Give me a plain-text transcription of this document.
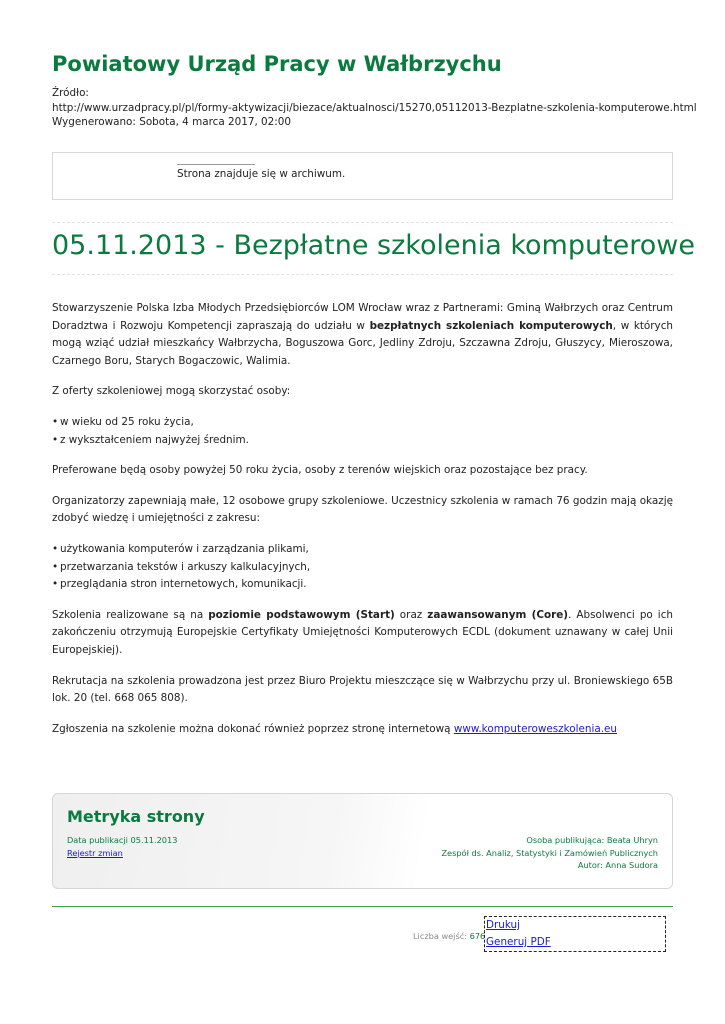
Powiatowy Urząd Pracy w Wałbrzychu
Źródło:
http://www.urzadpracy.pl/pl/formy-aktywizacji/biezace/aktualnosci/15270,05112013-Bezplatne-szkolenia-komputerowe.html
Wygenerowano: Sobota, 4 marca 2017, 02:00
Strona znajduje się w archiwum.
05.11.2013 - Bezpłatne szkolenia komputerowe

Stowarzyszenie Polska Izba Młodych Przedsiębiorców LOM Wrocław wraz z Partnerami: Gminą Wałbrzych oraz Centrum Doradztwa i Rozwoju Kompetencji zapraszają do udziału w bezpłatnych szkoleniach komputerowych, w których mogą wziąć udział mieszkańcy Wałbrzycha, Boguszowa Gorc, Jedliny Zdroju, Szczawna Zdroju, Głuszycy, Mieroszowa, Czarnego Boru, Starych Bogaczowic, Walimia.

Z oferty szkoleniowej mogą skorzystać osoby:

• w wieku od 25 roku życia,
• z wykształceniem najwyżej średnim.

Preferowane będą osoby powyżej 50 roku życia, osoby z terenów wiejskich oraz pozostające bez pracy.

Organizatorzy zapewniają małe, 12 osobowe grupy szkoleniowe. Uczestnicy szkolenia w ramach 76 godzin mają okazję zdobyć wiedzę i umiejętności z zakresu:

• użytkowania komputerów i zarządzania plikami,
• przetwarzania tekstów i arkuszy kalkulacyjnych,
• przeglądania stron internetowych, komunikacji.

Szkolenia realizowane są na poziomie podstawowym (Start) oraz zaawansowanym (Core). Absolwenci po ich zakończeniu otrzymują Europejskie Certyfikaty Umiejętności Komputerowych ECDL (dokument uznawany w całej Unii Europejskiej).

Rekrutacja na szkolenia prowadzona jest przez Biuro Projektu mieszczące się w Wałbrzychu przy ul. Broniewskiego 65B lok. 20 (tel. 668 065 808).

Zgłoszenia na szkolenie można dokonać również poprzez stronę internetową www.komputeroweszkolenia.eu

Metryka strony
Data publikacji 05.11.2013
Rejestr zmian
Osoba publikująca: Beata Uhryn
Zespół ds. Analiz, Statystyki i Zamówień Publicznych
Autor: Anna Sudora
Liczba wejść: 676
Drukuj
Generuj PDF
